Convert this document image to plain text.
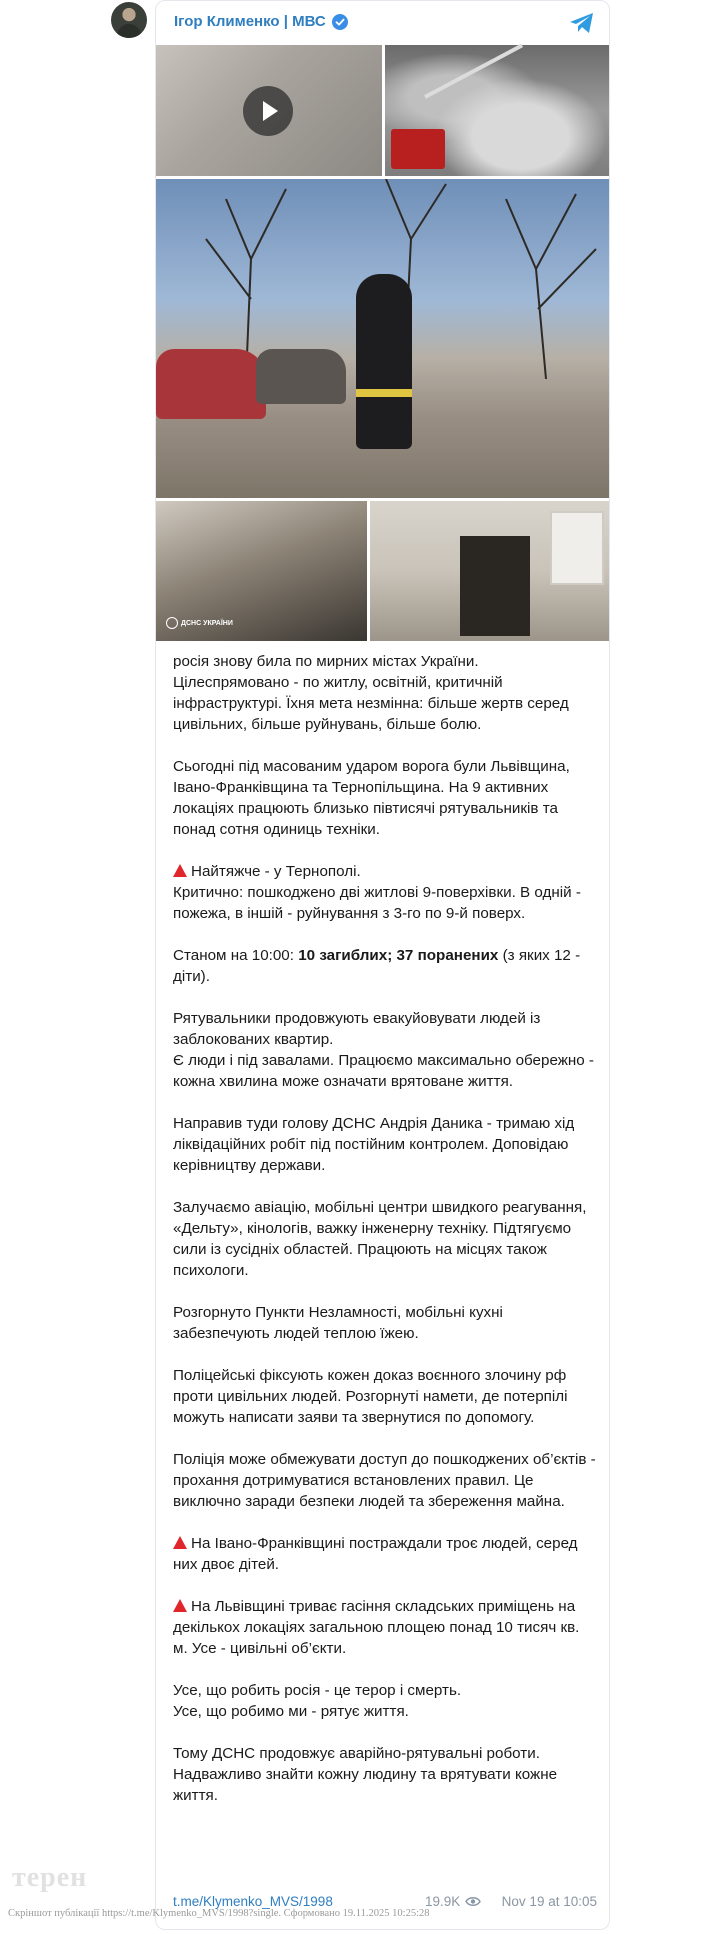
Ігор Клименко | МВС
ДСНС УКРАЇНИ

росія знову била по мирних містах України. Цілеспрямовано - по житлу, освітній, критичній інфраструктурі. Їхня мета незмінна: більше жертв серед цивільних, більше руйнувань, більше болю.

Сьогодні під масованим ударом ворога були Львівщина, Івано-Франківщина та Тернопільщина. На 9 активних локаціях працюють близько півтисячі рятувальників та понад сотня одиниць техніки.

Найтяжче - у Тернополі.
Критично: пошкоджено дві житлові 9-поверхівки. В одній - пожежа, в іншій - руйнування з 3-го по 9-й поверх.

Станом на 10:00: 10 загиблих; 37 поранених (з яких 12 - діти).

Рятувальники продовжують евакуйовувати людей із заблокованих квартир.
Є люди і під завалами. Працюємо максимально обережно - кожна хвилина може означати врятоване життя.

Направив туди голову ДСНС Андрія Даника - тримаю хід ліквідаційних робіт під постійним контролем. Доповідаю керівництву держави.

Залучаємо авіацію, мобільні центри швидкого реагування, «Дельту», кінологів, важку інженерну техніку. Підтягуємо сили із сусідніх областей. Працюють на місцях також психологи.

Розгорнуто Пункти Незламності, мобільні кухні забезпечують людей теплою їжею.

Поліцейські фіксують кожен доказ воєнного злочину рф проти цивільних людей. Розгорнуті намети, де потерпілі можуть написати заяви та звернутися по допомогу.

Поліція може обмежувати доступ до пошкоджених об’єктів - прохання дотримуватися встановлених правил. Це виключно заради безпеки людей та збереження майна.

На Івано-Франківщині постраждали троє людей, серед них двоє дітей.

На Львівщині триває гасіння складських приміщень на декількох локаціях загальною площею понад 10 тисяч кв. м. Усе - цивільні об’єкти.

Усе, що робить росія - це терор і смерть.
Усе, що робимо ми - рятує життя.

Тому ДСНС продовжує аварійно-рятувальні роботи. Надважливо знайти кожну людину та врятувати кожне життя.

t.me/Klymenko_MVS/1998	19.9K	Nov 19 at 10:05
терен
Скріншот публікації https://t.me/Klymenko_MVS/1998?single. Сформовано 19.11.2025 10:25:28
